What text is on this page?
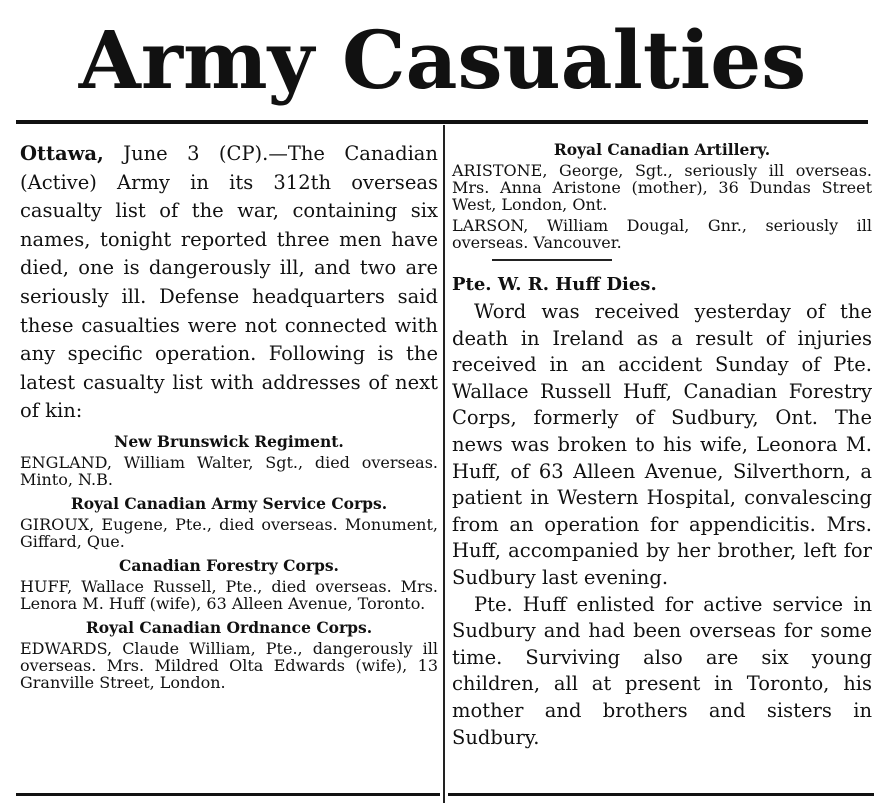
Army Casualties

Ottawa, June 3 (CP).—The Canadian (Active) Army in its 312th overseas casualty list of the war, containing six names, tonight reported three men have died, one is dangerously ill, and two are seriously ill. Defense headquarters said these casualties were not connected with any specific operation. Following is the latest casualty list with addresses of next of kin:

New Brunswick Regiment.

ENGLAND, William Walter, Sgt., died overseas. Minto, N.B.

Royal Canadian Army Service Corps.

GIROUX, Eugene, Pte., died overseas. Monument, Giffard, Que.

Canadian Forestry Corps.

HUFF, Wallace Russell, Pte., died overseas. Mrs. Lenora M. Huff (wife), 63 Alleen Avenue, Toronto.

Royal Canadian Ordnance Corps.

EDWARDS, Claude William, Pte., dangerously ill overseas. Mrs. Mildred Olta Edwards (wife), 13 Granville Street, London.

Royal Canadian Artillery.

ARISTONE, George, Sgt., seriously ill overseas. Mrs. Anna Aristone (mother), 36 Dundas Street West, London, Ont.

LARSON, William Dougal, Gnr., seriously ill overseas. Vancouver.

Pte. W. R. Huff Dies.

Word was received yesterday of the death in Ireland as a result of injuries received in an accident Sunday of Pte. Wallace Russell Huff, Canadian Forestry Corps, formerly of Sudbury, Ont. The news was broken to his wife, Leonora M. Huff, of 63 Alleen Avenue, Silverthorn, a patient in Western Hospital, convalescing from an operation for appendicitis. Mrs. Huff, accompanied by her brother, left for Sudbury last evening.

Pte. Huff enlisted for active service in Sudbury and had been overseas for some time. Surviving also are six young children, all at present in Toronto, his mother and brothers and sisters in Sudbury.
